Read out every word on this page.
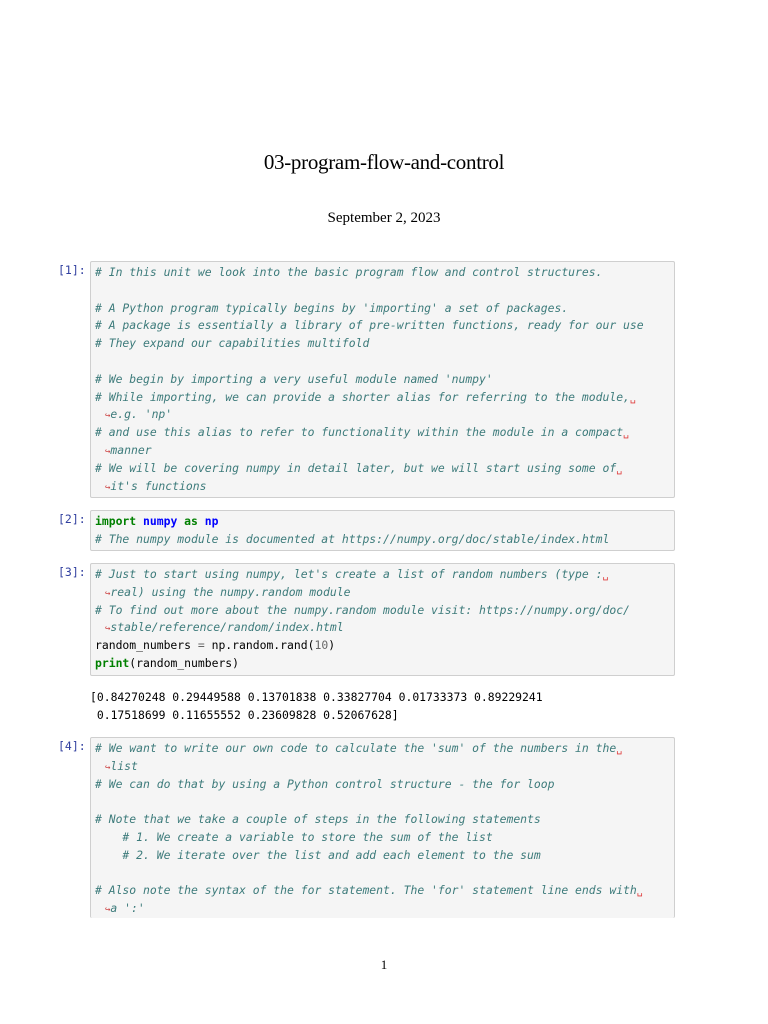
03-program-flow-and-control
September 2, 2023
[1]: # In this unit we look into the basic program flow and control structures.
# A Python program typically begins by 'importing' a set of packages.
# A package is essentially a library of pre-written functions, ready for our use
# They expand our capabilities multifold
# We begin by importing a very useful module named 'numpy'
# While importing, we can provide a shorter alias for referring to the module,␣
↪e.g. 'np'
# and use this alias to refer to functionality within the module in a compact␣
↪manner
# We will be covering numpy in detail later, but we will start using some of␣
↪it's functions
[2]: import numpy as np
# The numpy module is documented at https://numpy.org/doc/stable/index.html
[3]: # Just to start using numpy, let's create a list of random numbers (type :␣
↪real) using the numpy.random module
# To find out more about the numpy.random module visit: https://numpy.org/doc/
↪stable/reference/random/index.html
random_numbers = np.random.rand(10)
print(random_numbers)
[0.84270248 0.29449588 0.13701838 0.33827704 0.01733373 0.89229241
0.17518699 0.11655552 0.23609828 0.52067628]
[4]: # We want to write our own code to calculate the 'sum' of the numbers in the␣
↪list
# We can do that by using a Python control structure - the for loop
# Note that we take a couple of steps in the following statements
# 1. We create a variable to store the sum of the list
# 2. We iterate over the list and add each element to the sum
# Also note the syntax of the for statement. The 'for' statement line ends with␣
↪a ':'
1
